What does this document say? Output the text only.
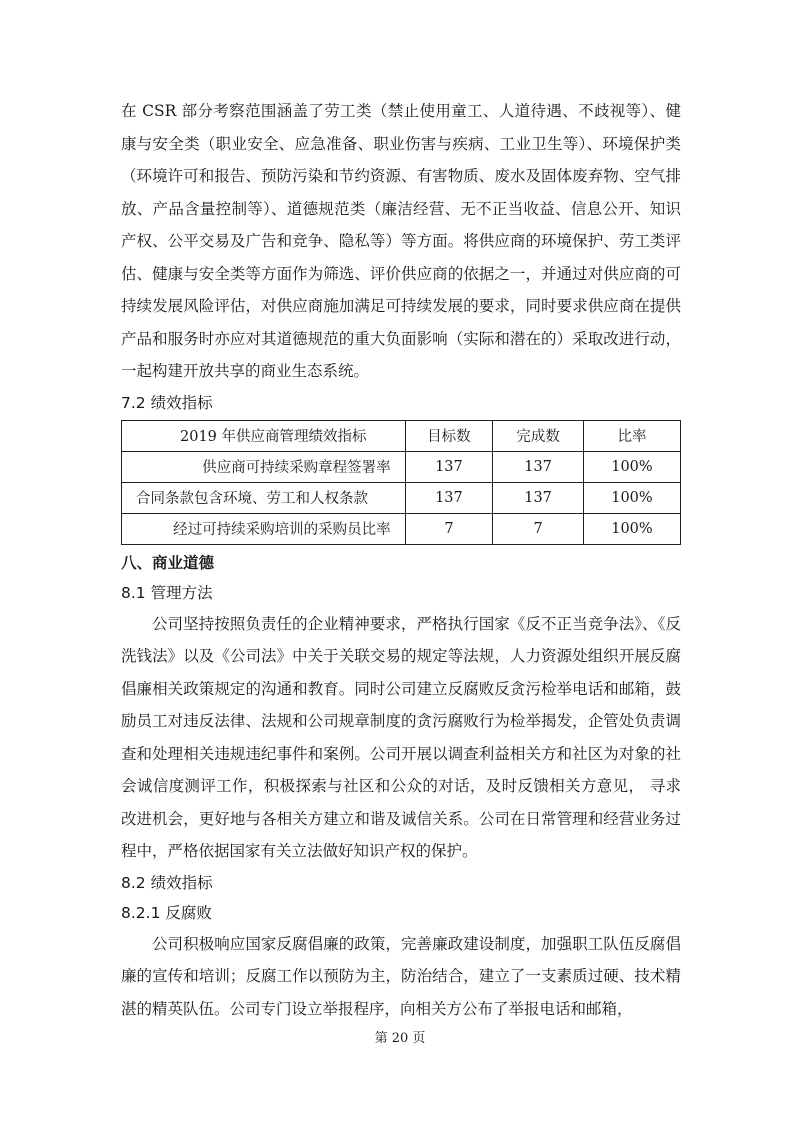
在 CSR 部分考察范围涵盖了劳工类（禁止使用童工、人道待遇、不歧视等）、健康与安全类（职业安全、应急准备、职业伤害与疾病、工业卫生等）、环境保护类（环境许可和报告、预防污染和节约资源、有害物质、废水及固体废弃物、空气排放、产品含量控制等）、道德规范类（廉洁经营、无不正当收益、信息公开、知识产权、公平交易及广告和竞争、隐私等）等方面。将供应商的环境保护、劳工类评估、健康与安全类等方面作为筛选、评价供应商的依据之一，并通过对供应商的可持续发展风险评估，对供应商施加满足可持续发展的要求，同时要求供应商在提供产品和服务时亦应对其道德规范的重大负面影响（实际和潜在的）采取改进行动，一起构建开放共享的商业生态系统。

7.2 绩效指标
2019 年供应商管理绩效指标	目标数	完成数	比率
供应商可持续采购章程签署率	137	137	100%
合同条款包含环境、劳工和人权条款	137	137	100%
经过可持续采购培训的采购员比率	7	7	100%
八、商业道德
8.1 管理方法

公司坚持按照负责任的企业精神要求，严格执行国家《反不正当竞争法》、《反洗钱法》以及《公司法》中关于关联交易的规定等法规，人力资源处组织开展反腐倡廉相关政策规定的沟通和教育。同时公司建立反腐败反贪污检举电话和邮箱，鼓励员工对违反法律、法规和公司规章制度的贪污腐败行为检举揭发，企管处负责调查和处理相关违规违纪事件和案例。公司开展以调查利益相关方和社区为对象的社会诚信度测评工作，积极探索与社区和公众的对话，及时反馈相关方意见， 寻求改进机会，更好地与各相关方建立和谐及诚信关系。公司在日常管理和经营业务过程中，严格依据国家有关立法做好知识产权的保护。

8.2 绩效指标
8.2.1 反腐败

公司积极响应国家反腐倡廉的政策，完善廉政建设制度，加强职工队伍反腐倡廉的宣传和培训；反腐工作以预防为主，防治结合，建立了一支素质过硬、技术精湛的精英队伍。公司专门设立举报程序，向相关方公布了举报电话和邮箱，

第 20 页
